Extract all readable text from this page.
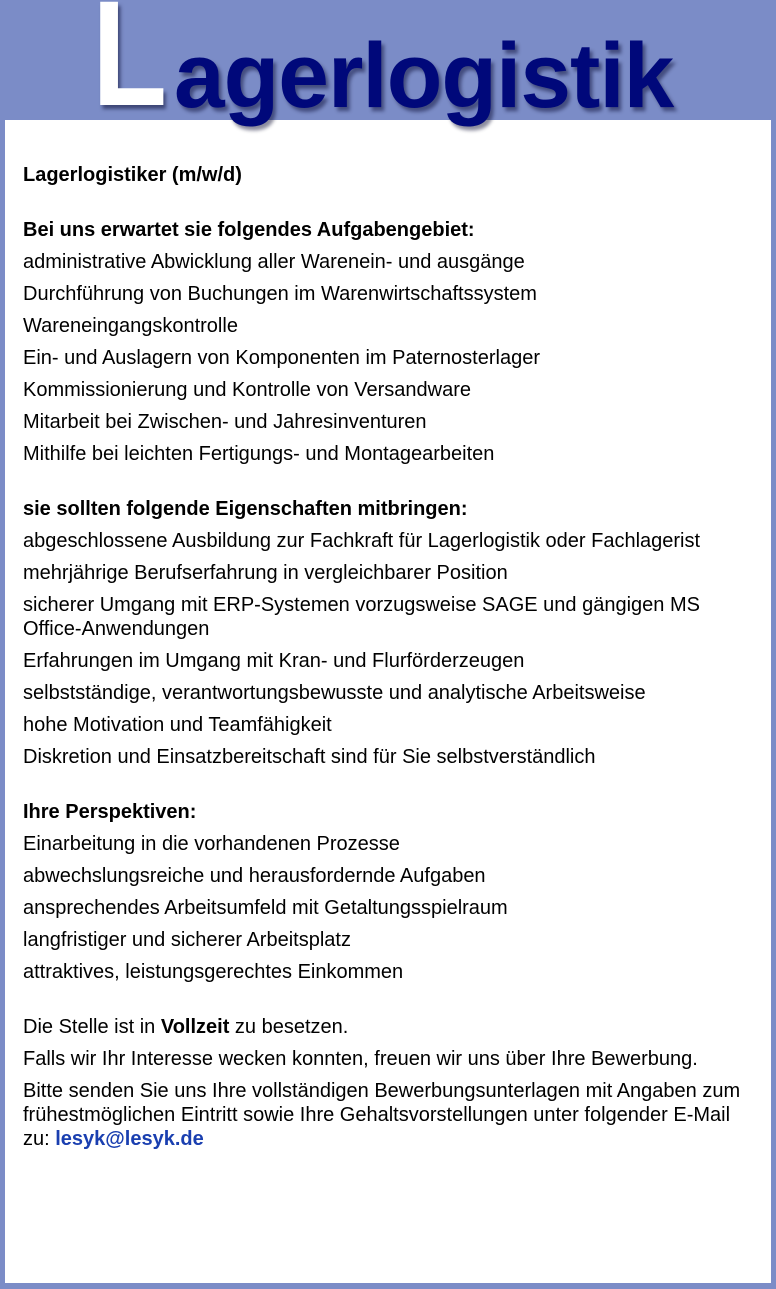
Lagerlogistiker (m/w/d)

Bei uns erwartet sie folgendes Aufgabengebiet:

administrative Abwicklung aller Warenein- und ausgänge

Durchführung von Buchungen im Warenwirtschaftssystem

Wareneingangskontrolle

Ein- und Auslagern von Komponenten im Paternosterlager

Kommissionierung und Kontrolle von Versandware

Mitarbeit bei Zwischen- und Jahresinventuren

Mithilfe bei leichten Fertigungs- und Montagearbeiten

sie sollten folgende Eigenschaften mitbringen:

abgeschlossene Ausbildung zur Fachkraft für Lagerlogistik oder Fachlagerist

mehrjährige Berufserfahrung in vergleichbarer Position

sicherer Umgang mit ERP-Systemen vorzugsweise SAGE und gängigen MS Office-Anwendungen

Erfahrungen im Umgang mit Kran- und Flurförderzeugen

selbstständige, verantwortungsbewusste und analytische Arbeitsweise

hohe Motivation und Teamfähigkeit

Diskretion und Einsatzbereitschaft sind für Sie selbstverständlich

Ihre Perspektiven:

Einarbeitung in die vorhandenen Prozesse

abwechslungsreiche und herausfordernde Aufgaben

ansprechendes Arbeitsumfeld mit Getaltungsspielraum

langfristiger und sicherer Arbeitsplatz

attraktives, leistungsgerechtes Einkommen

Die Stelle ist in Vollzeit zu besetzen.

Falls wir Ihr Interesse wecken konnten, freuen wir uns über Ihre Bewerbung.

Bitte senden Sie uns Ihre vollständigen Bewerbungsunterlagen mit Angaben zum frühestmöglichen Eintritt sowie Ihre Gehaltsvorstellungen unter folgender E-Mail zu: lesyk@lesyk.de

L agerlogistik
